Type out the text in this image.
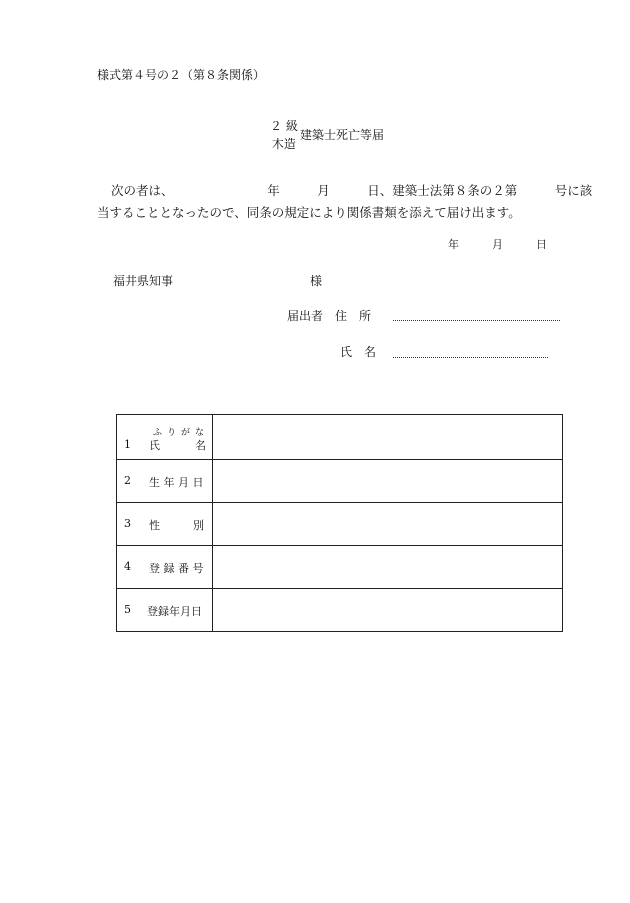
様式第４号の２（第８条関係）
２ 級
木造
建築士死亡等届
次の者は、　　　　　　　　年　　　月　　　日、建築士法第８条の２第　　　号に該
当することとなったので、同条の規定により関係書類を添えて届け出ます。
年　　　月　　　日
福井県知事	様
届出者　住　所
氏　名
ふりがな
1 氏 名	

2 生 年 月 日	

3 性　　　別	

4 登 録 番 号	

5 登録年月日	
